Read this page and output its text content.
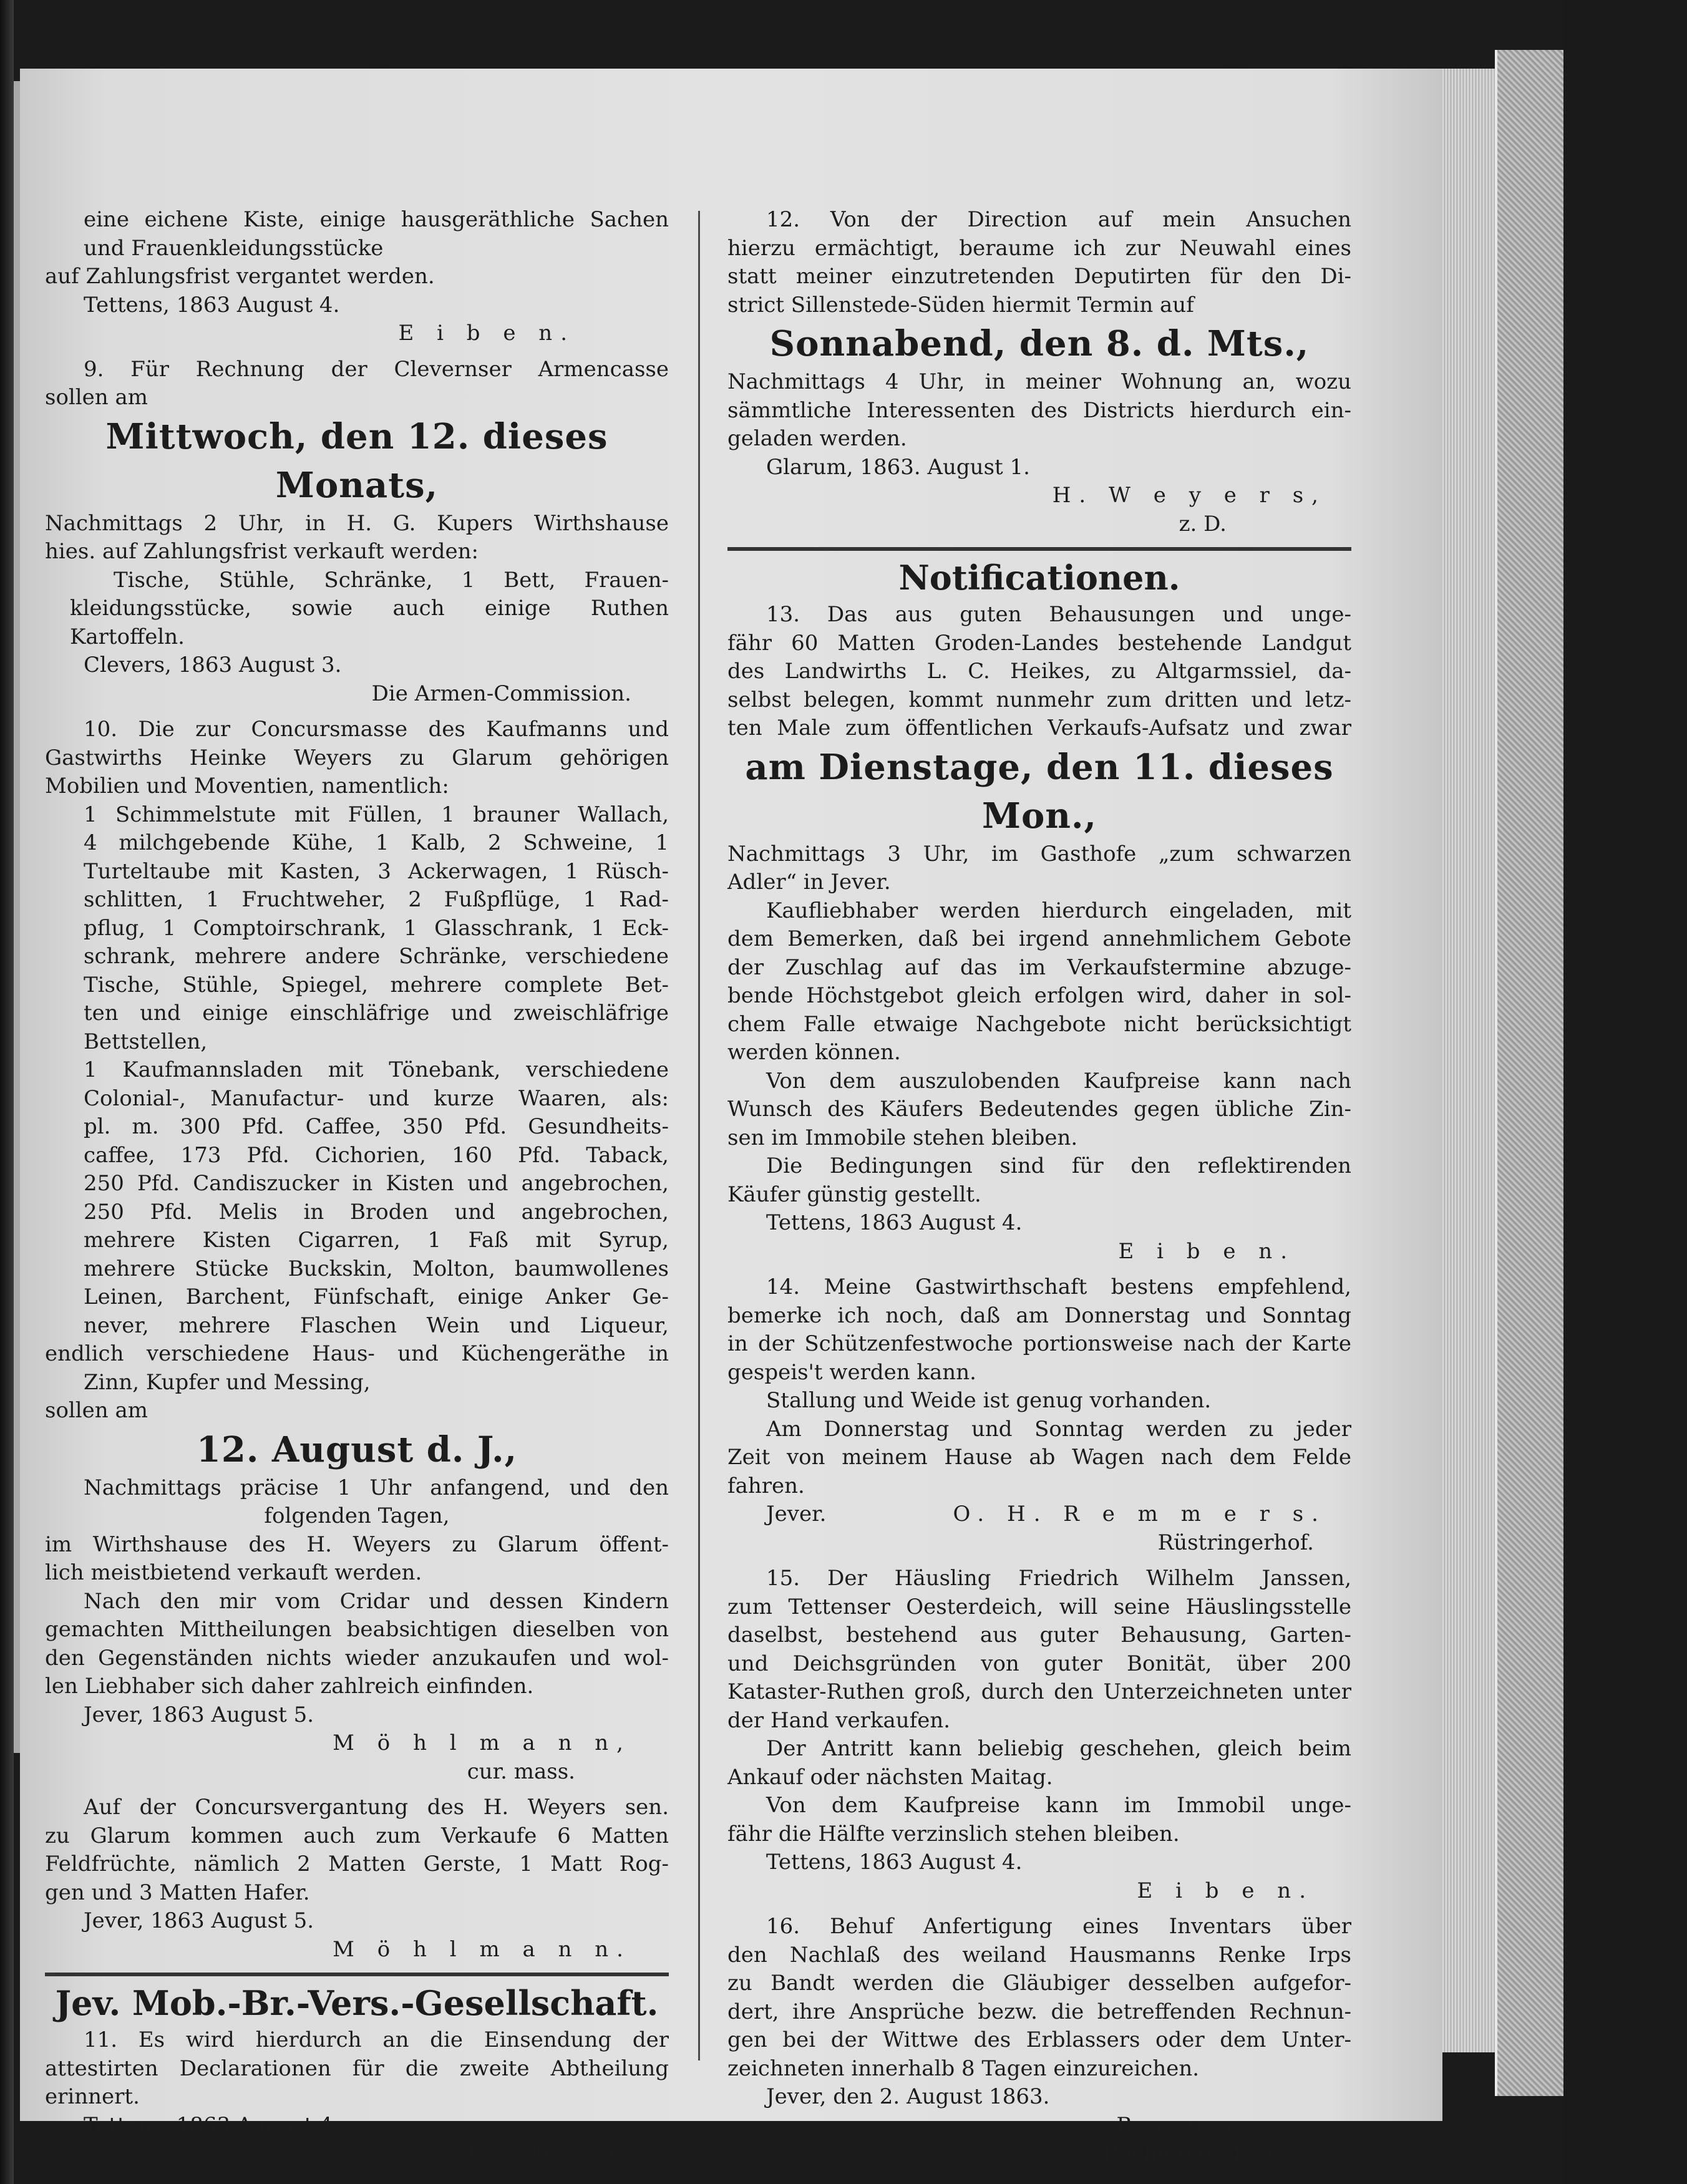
eine eichene Kiste, einige hausgeräthliche Sachen

und Frauenkleidungsstücke

auf Zahlungsfrist vergantet werden.

Tettens, 1863 August 4.

E i b e n.

9. Für Rechnung der Clevernser Armencasse

sollen am

Mittwoch, den 12. dieses Monats,

Nachmittags 2 Uhr, in H. G. Kupers Wirthshause

hies. auf Zahlungsfrist verkauft werden:

Tische, Stühle, Schränke, 1 Bett, Frauen-

kleidungsstücke, sowie auch einige Ruthen

Kartoffeln.

Clevers, 1863 August 3.

Die Armen-Commission.

10. Die zur Concursmasse des Kaufmanns und

Gastwirths Heinke Weyers zu Glarum gehörigen

Mobilien und Moventien, namentlich:

1 Schimmelstute mit Füllen, 1 brauner Wallach,

4 milchgebende Kühe, 1 Kalb, 2 Schweine, 1

Turteltaube mit Kasten, 3 Ackerwagen, 1 Rüsch-

schlitten, 1 Fruchtweher, 2 Fußpflüge, 1 Rad-

pflug, 1 Comptoirschrank, 1 Glasschrank, 1 Eck-

schrank, mehrere andere Schränke, verschiedene

Tische, Stühle, Spiegel, mehrere complete Bet-

ten und einige einschläfrige und zweischläfrige

Bettstellen,

1 Kaufmannsladen mit Tönebank, verschiedene

Colonial-, Manufactur- und kurze Waaren, als:

pl. m. 300 Pfd. Caffee, 350 Pfd. Gesundheits-

caffee, 173 Pfd. Cichorien, 160 Pfd. Taback,

250 Pfd. Candiszucker in Kisten und angebrochen,

250 Pfd. Melis in Broden und angebrochen,

mehrere Kisten Cigarren, 1 Faß mit Syrup,

mehrere Stücke Buckskin, Molton, baumwollenes

Leinen, Barchent, Fünfschaft, einige Anker Ge-

never, mehrere Flaschen Wein und Liqueur,

endlich verschiedene Haus- und Küchengeräthe in

Zinn, Kupfer und Messing,

sollen am

12. August d. J.,

Nachmittags präcise 1 Uhr anfangend, und den

folgenden Tagen,

im Wirthshause des H. Weyers zu Glarum öffent-

lich meistbietend verkauft werden.

Nach den mir vom Cridar und dessen Kindern

gemachten Mittheilungen beabsichtigen dieselben von

den Gegenständen nichts wieder anzukaufen und wol-

len Liebhaber sich daher zahlreich einfinden.

Jever, 1863 August 5.

M ö h l m a n n,

cur. mass.

Auf der Concursvergantung des H. Weyers sen.

zu Glarum kommen auch zum Verkaufe 6 Matten

Feldfrüchte, nämlich 2 Matten Gerste, 1 Matt Rog-

gen und 3 Matten Hafer.

Jever, 1863 August 5.

M ö h l m a n n.

Jev. Mob.-Br.-Vers.-Gesellschaft.

11. Es wird hierdurch an die Einsendung der

attestirten Declarationen für die zweite Abtheilung

erinnert.

Tettens, 1863 August 4.

E i b e n.

12. Von der Direction auf mein Ansuchen

hierzu ermächtigt, beraume ich zur Neuwahl eines

statt meiner einzutretenden Deputirten für den Di-

strict Sillenstede-Süden hiermit Termin auf

Sonnabend, den 8. d. Mts.,

Nachmittags 4 Uhr, in meiner Wohnung an, wozu

sämmtliche Interessenten des Districts hierdurch ein-

geladen werden.

Glarum, 1863. August 1.

H. W e y e r s,

z. D.

Notificationen.

13. Das aus guten Behausungen und unge-

fähr 60 Matten Groden-Landes bestehende Landgut

des Landwirths L. C. Heikes, zu Altgarmssiel, da-

selbst belegen, kommt nunmehr zum dritten und letz-

ten Male zum öffentlichen Verkaufs-Aufsatz und zwar

am Dienstage, den 11. dieses Mon.,

Nachmittags 3 Uhr, im Gasthofe „zum schwarzen

Adler“ in Jever.

Kaufliebhaber werden hierdurch eingeladen, mit

dem Bemerken, daß bei irgend annehmlichem Gebote

der Zuschlag auf das im Verkaufstermine abzuge-

bende Höchstgebot gleich erfolgen wird, daher in sol-

chem Falle etwaige Nachgebote nicht berücksichtigt

werden können.

Von dem auszulobenden Kaufpreise kann nach

Wunsch des Käufers Bedeutendes gegen übliche Zin-

sen im Immobile stehen bleiben.

Die Bedingungen sind für den reflektirenden

Käufer günstig gestellt.

Tettens, 1863 August 4.

E i b e n.

14. Meine Gastwirthschaft bestens empfehlend,

bemerke ich noch, daß am Donnerstag und Sonntag

in der Schützenfestwoche portionsweise nach der Karte

gespeis't werden kann.

Stallung und Weide ist genug vorhanden.

Am Donnerstag und Sonntag werden zu jeder

Zeit von meinem Hause ab Wagen nach dem Felde

fahren.

Jever.	O. H. R e m m e r s.

Rüstringerhof.

15. Der Häusling Friedrich Wilhelm Janssen,

zum Tettenser Oesterdeich, will seine Häuslingsstelle

daselbst, bestehend aus guter Behausung, Garten-

und Deichsgründen von guter Bonität, über 200

Kataster-Ruthen groß, durch den Unterzeichneten unter

der Hand verkaufen.

Der Antritt kann beliebig geschehen, gleich beim

Ankauf oder nächsten Maitag.

Von dem Kaufpreise kann im Immobil unge-

fähr die Hälfte verzinslich stehen bleiben.

Tettens, 1863 August 4.

E i b e n.

16. Behuf Anfertigung eines Inventars über

den Nachlaß des weiland Hausmanns Renke Irps

zu Bandt werden die Gläubiger desselben aufgefor-

dert, ihre Ansprüche bezw. die betreffenden Rechnun-

gen bei der Wittwe des Erblassers oder dem Unter-

zeichneten innerhalb 8 Tagen einzureichen.

Jever, den 2. August 1863.

B r u n s,

Rechnungssteller.
